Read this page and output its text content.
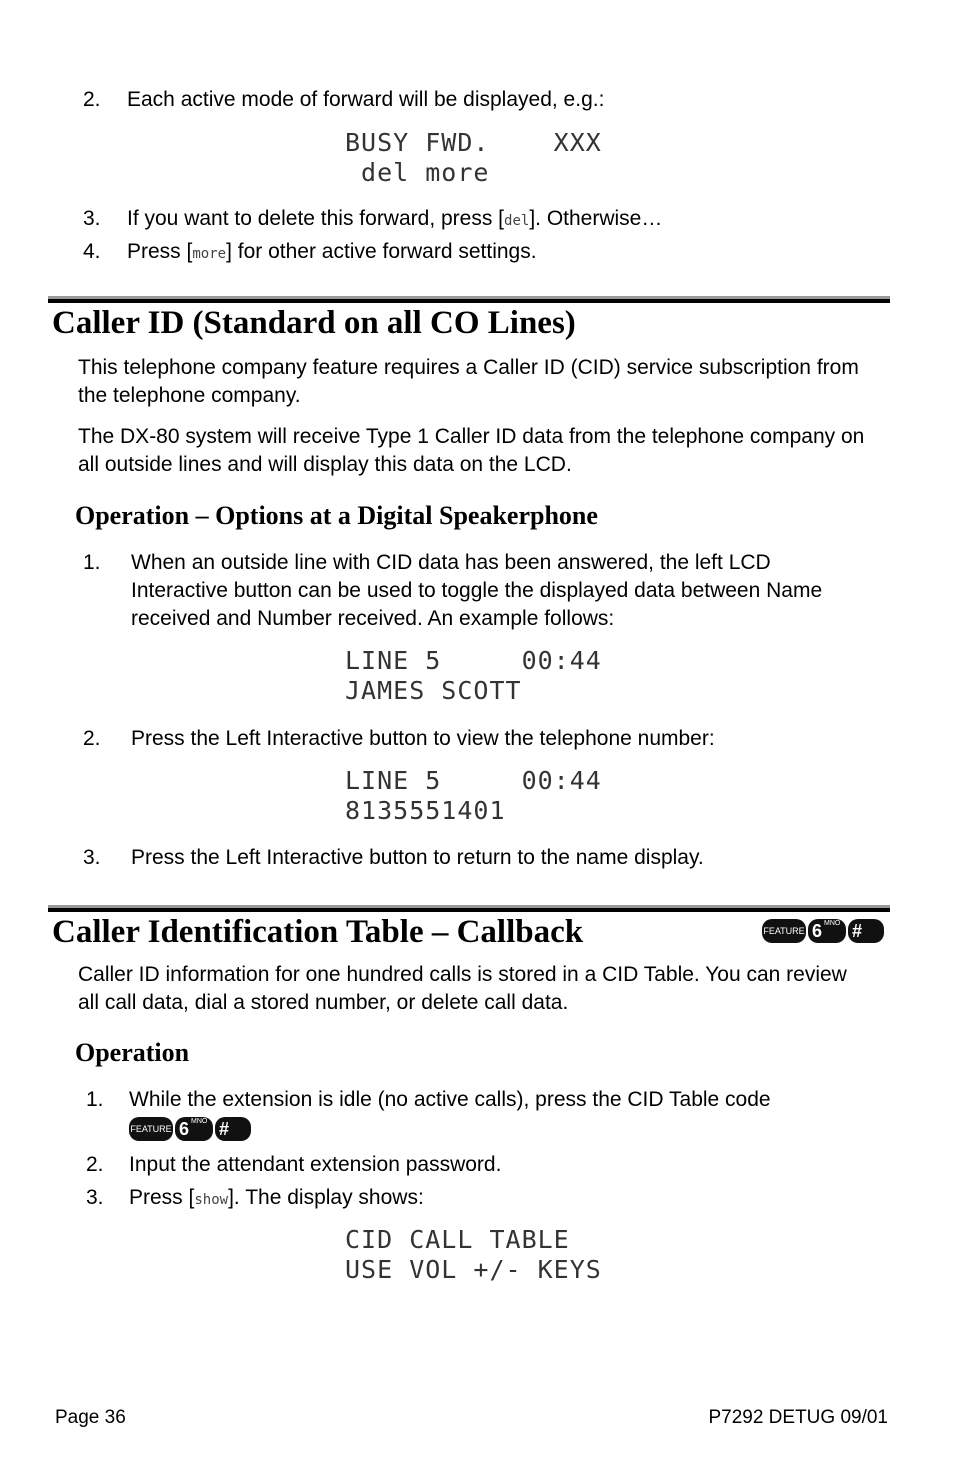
2. Each active mode of forward will be displayed, e.g.:
BUSY FWD.    XXX
del more
3. If you want to delete this forward, press [del]. Otherwise…
4. Press [more] for other active forward settings.
Caller ID (Standard on all CO Lines)
This telephone company feature requires a Caller ID (CID) service subscription from the telephone company.
The DX-80 system will receive Type 1 Caller ID data from the telephone company on all outside lines and will display this data on the LCD.
Operation – Options at a Digital Speakerphone
1. When an outside line with CID data has been answered, the left LCD Interactive button can be used to toggle the displayed data between Name received and Number received. An example follows:
LINE 5     00:44
JAMES SCOTT
2. Press the Left Interactive button to view the telephone number:
LINE 5     00:44
8135551401
3. Press the Left Interactive button to return to the name display.
Caller Identification Table – Callback	FEATURE 6 MNO #
Caller ID information for one hundred calls is stored in a CID Table. You can review all call data, dial a stored number, or delete call data.
Operation
1. While the extension is idle (no active calls), press the CID Table code
FEATURE 6 MNO #
2. Input the attendant extension password.
3. Press [show]. The display shows:
CID CALL TABLE
USE VOL +/- KEYS
Page 36	P7292 DETUG 09/01
